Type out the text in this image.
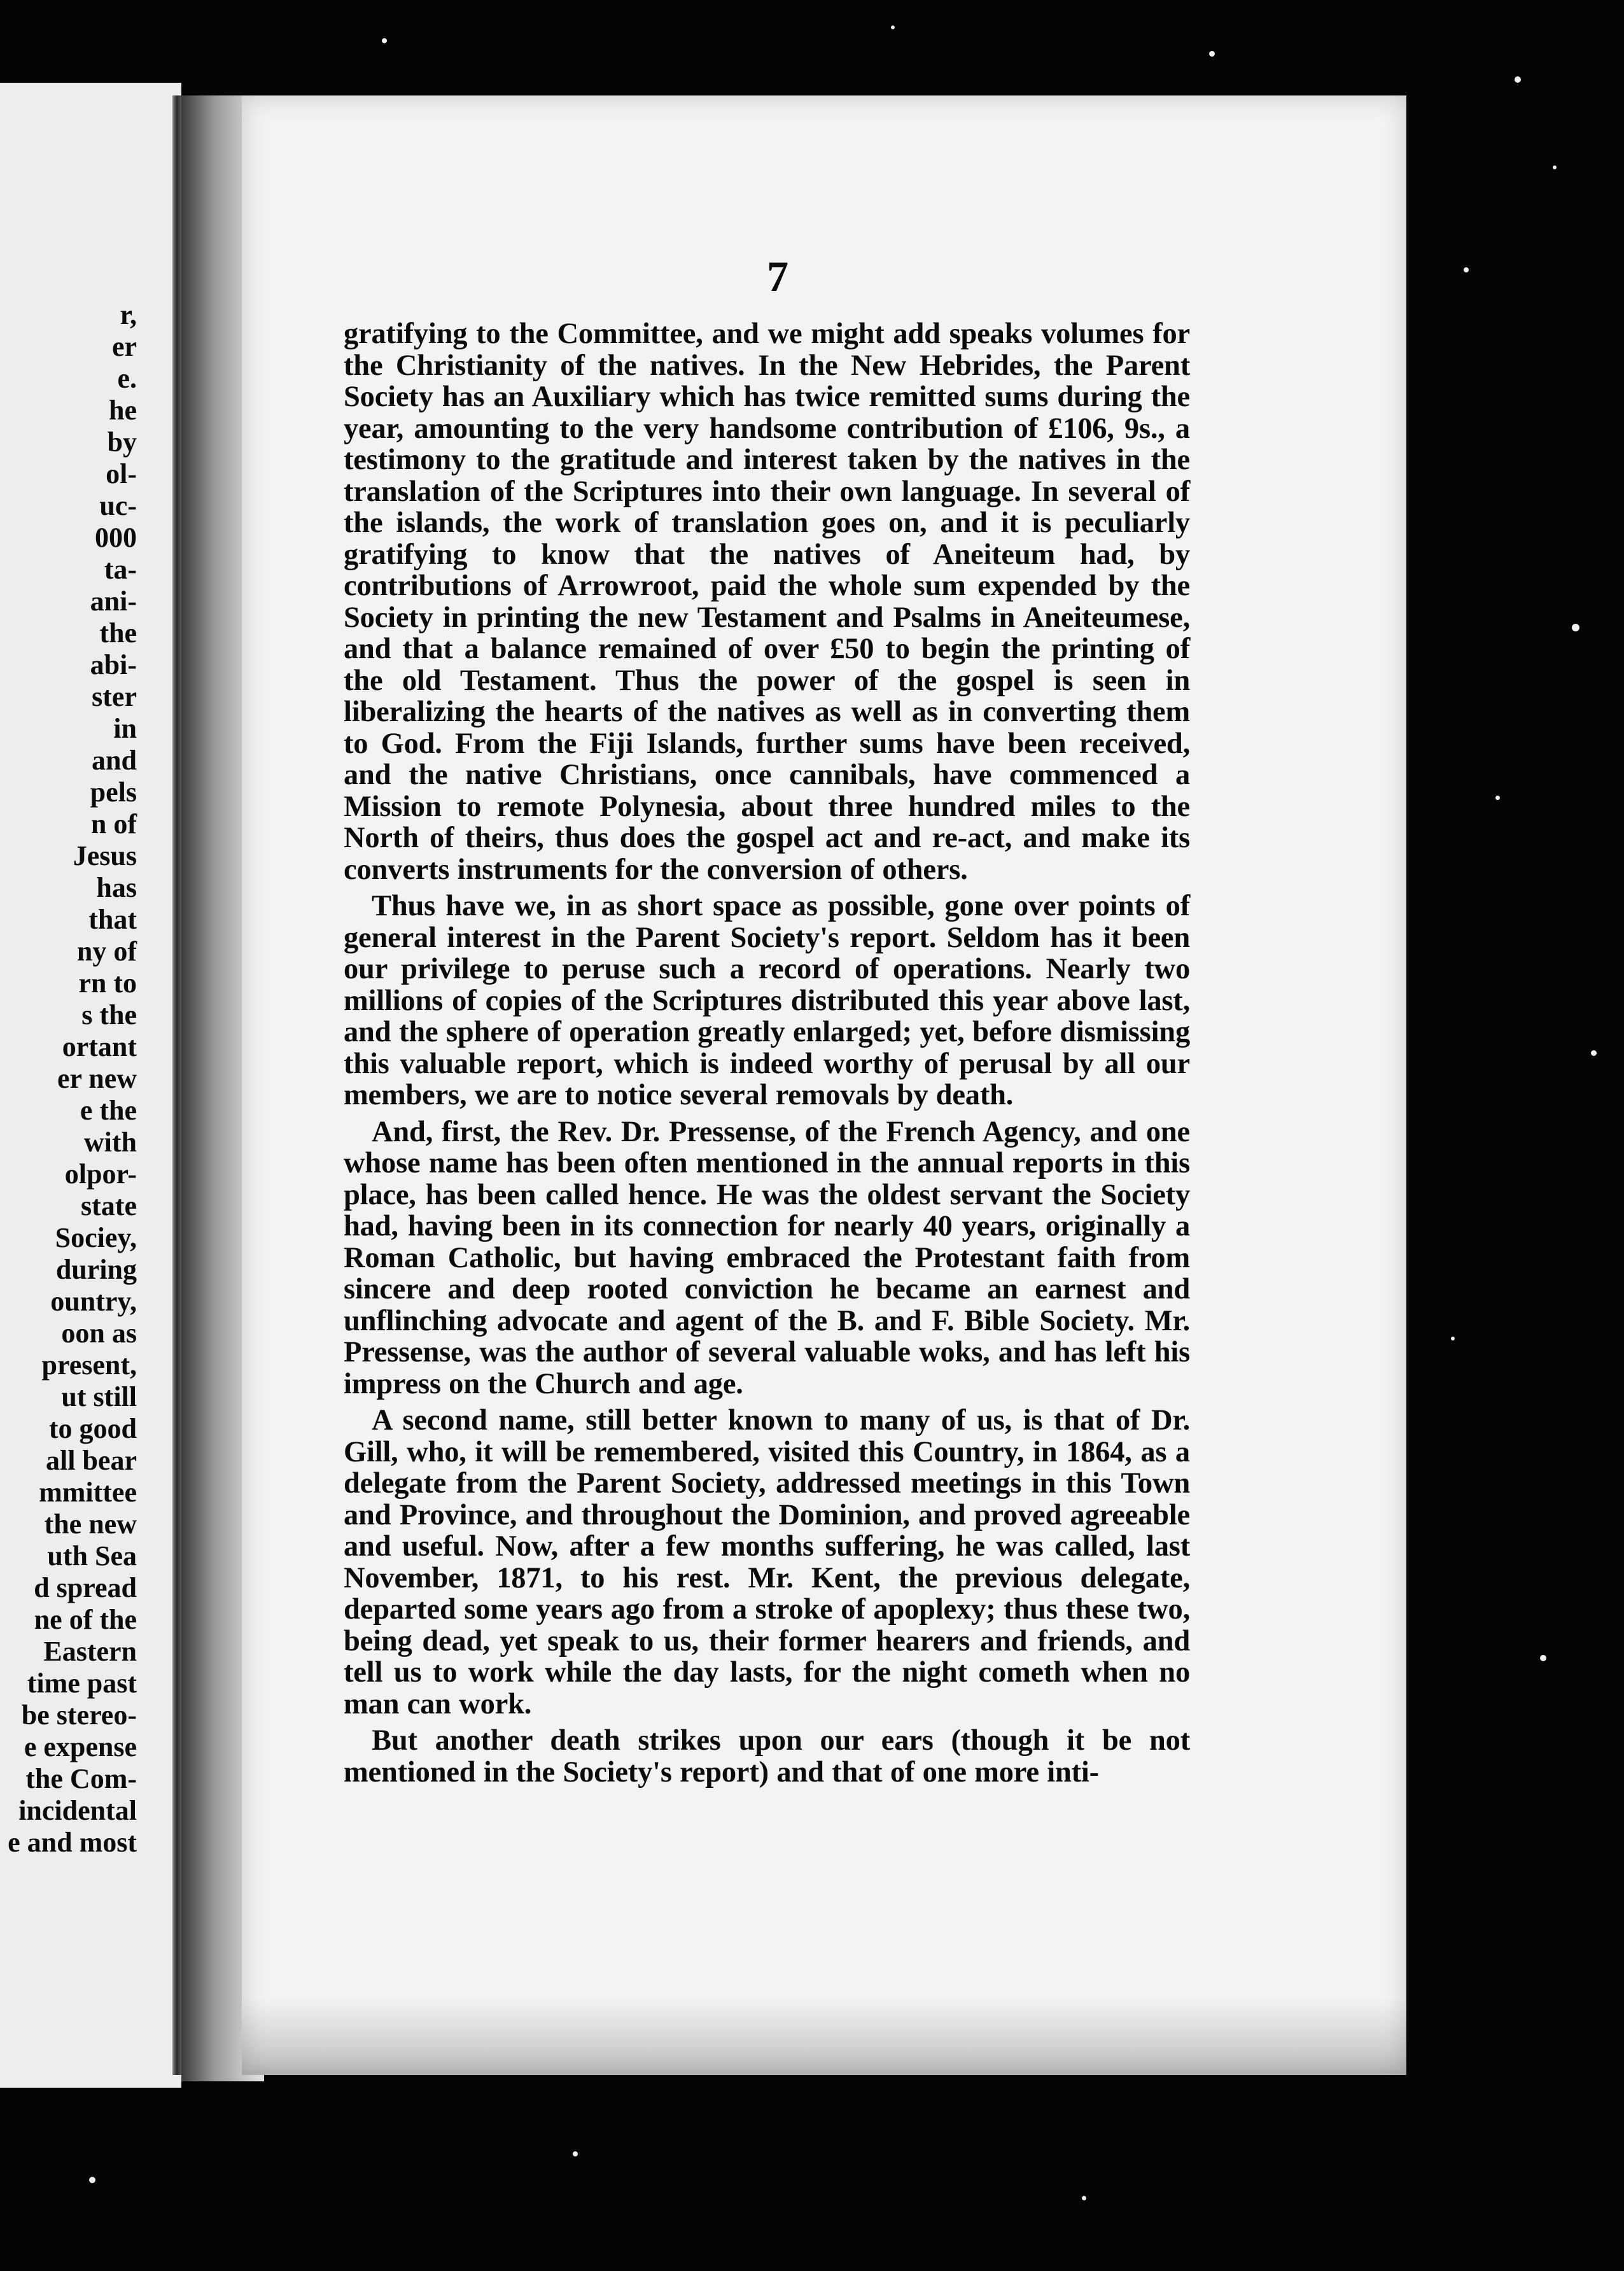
r,
er
e.
he
by
ol-
uc-
000
ta-
ani-
the
abi-
ster
in
and
pels
n of
Jesus
has
that
ny of
rn to
s the
ortant
er new
e the
with
olpor-
state
Sociey,
during
ountry,
oon as
present,
ut still
to good
all bear
mmittee
the new
uth Sea
d spread
ne of the
Eastern
time past
be stereo-
e expense
the Com-
incidental
e and most
7

gratifying to the Committee, and we might add speaks volumes for the Christianity of the natives. In the New Hebrides, the Parent Society has an Auxiliary which has twice remitted sums during the year, amounting to the very handsome contribution of £106, 9s., a testimony to the gratitude and interest taken by the natives in the translation of the Scriptures into their own language. In several of the islands, the work of translation goes on, and it is peculiarly gratifying to know that the natives of Aneiteum had, by contributions of Arrowroot, paid the whole sum expended by the Society in printing the new Testament and Psalms in Aneiteumese, and that a balance remained of over £50 to begin the printing of the old Testament. Thus the power of the gospel is seen in liberalizing the hearts of the natives as well as in converting them to God. From the Fiji Islands, further sums have been received, and the native Christians, once cannibals, have commenced a Mission to remote Polynesia, about three hundred miles to the North of theirs, thus does the gospel act and re-act, and make its converts instruments for the conversion of others.

Thus have we, in as short space as possible, gone over points of general interest in the Parent Society's report. Seldom has it been our privilege to peruse such a record of operations. Nearly two millions of copies of the Scriptures distributed this year above last, and the sphere of operation greatly enlarged; yet, before dismissing this valuable report, which is indeed worthy of perusal by all our members, we are to notice several removals by death.

And, first, the Rev. Dr. Pressense, of the French Agency, and one whose name has been often mentioned in the annual reports in this place, has been called hence. He was the oldest servant the Society had, having been in its connection for nearly 40 years, originally a Roman Catholic, but having embraced the Protestant faith from sincere and deep rooted conviction he became an earnest and unflinching advocate and agent of the B. and F. Bible Society. Mr. Pressense, was the author of several valuable woks, and has left his impress on the Church and age.

A second name, still better known to many of us, is that of Dr. Gill, who, it will be remembered, visited this Country, in 1864, as a delegate from the Parent Society, addressed meetings in this Town and Province, and throughout the Dominion, and proved agreeable and useful. Now, after a few months suffering, he was called, last November, 1871, to his rest. Mr. Kent, the previous delegate, departed some years ago from a stroke of apoplexy; thus these two, being dead, yet speak to us, their former hearers and friends, and tell us to work while the day lasts, for the night cometh when no man can work.

But another death strikes upon our ears (though it be not mentioned in the Society's report) and that of one more inti-
